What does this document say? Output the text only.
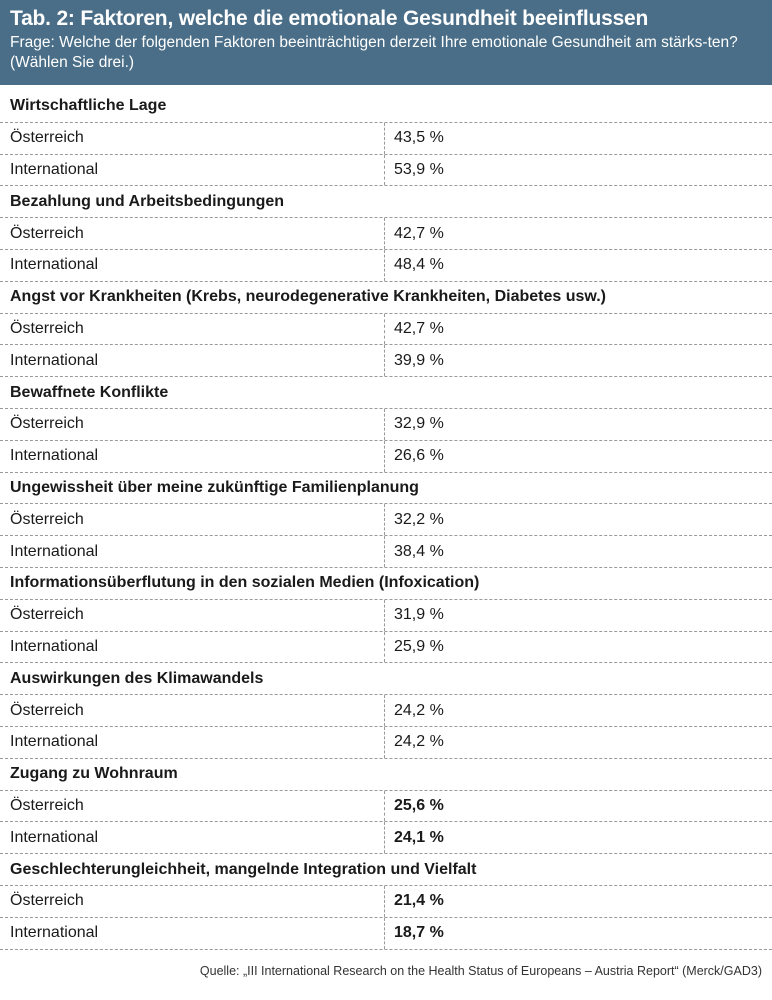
Tab. 2: Faktoren, welche die emotionale Gesundheit beeinflussen
Frage: Welche der folgenden Faktoren beeinträchtigen derzeit Ihre emotionale Gesundheit am stärks-ten? (Wählen Sie drei.)
Wirtschaftliche Lage
Österreich	43,5 %
International	53,9 %
Bezahlung und Arbeitsbedingungen
Österreich	42,7 %
International	48,4 %
Angst vor Krankheiten (Krebs, neurodegenerative Krankheiten, Diabetes usw.)
Österreich	42,7 %
International	39,9 %
Bewaffnete Konflikte
Österreich	32,9 %
International	26,6 %
Ungewissheit über meine zukünftige Familienplanung
Österreich	32,2 %
International	38,4 %
Informationsüberflutung in den sozialen Medien (Infoxication)
Österreich	31,9 %
International	25,9 %
Auswirkungen des Klimawandels
Österreich	24,2 %
International	24,2 %
Zugang zu Wohnraum
Österreich	25,6 %
International	24,1 %
Geschlechterungleichheit, mangelnde Integration und Vielfalt
Österreich	21,4 %
International	18,7 %
Quelle: „III International Research on the Health Status of Europeans – Austria Report“ (Merck/GAD3)
